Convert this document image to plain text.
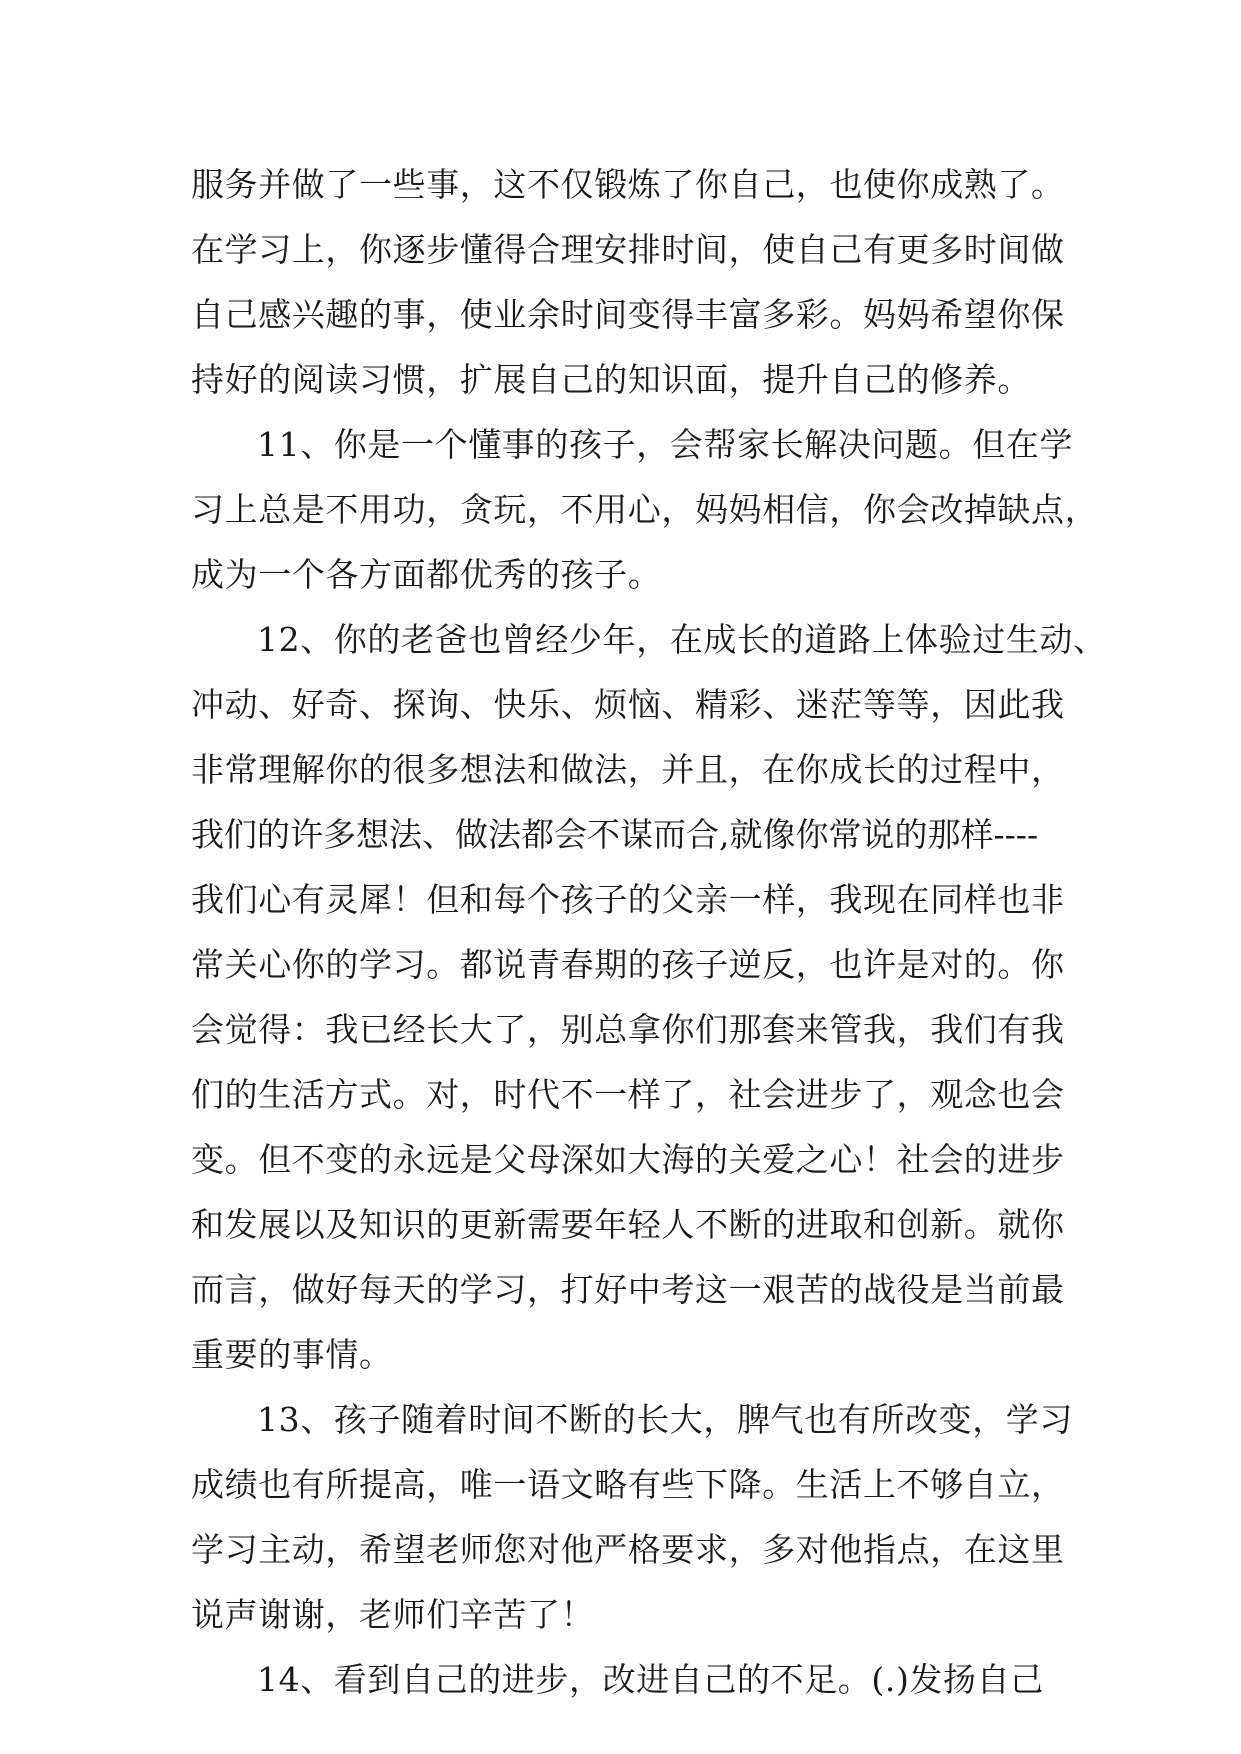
服务并做了一些事，这不仅锻炼了你自己，也使你成熟了。
在学习上，你逐步懂得合理安排时间，使自己有更多时间做
自己感兴趣的事，使业余时间变得丰富多彩。妈妈希望你保
持好的阅读习惯，扩展自己的知识面，提升自己的修养。
11、你是一个懂事的孩子，会帮家长解决问题。但在学
习上总是不用功，贪玩，不用心，妈妈相信，你会改掉缺点，
成为一个各方面都优秀的孩子。
12、你的老爸也曾经少年，在成长的道路上体验过生动、
冲动、好奇、探询、快乐、烦恼、精彩、迷茫等等，因此我
非常理解你的很多想法和做法，并且，在你成长的过程中，
我们的许多想法、做法都会不谋而合,就像你常说的那样----
我们心有灵犀！但和每个孩子的父亲一样，我现在同样也非
常关心你的学习。都说青春期的孩子逆反，也许是对的。你
会觉得：我已经长大了，别总拿你们那套来管我，我们有我
们的生活方式。对，时代不一样了，社会进步了，观念也会
变。但不变的永远是父母深如大海的关爱之心！社会的进步
和发展以及知识的更新需要年轻人不断的进取和创新。就你
而言，做好每天的学习，打好中考这一艰苦的战役是当前最
重要的事情。
13、孩子随着时间不断的长大，脾气也有所改变，学习
成绩也有所提高，唯一语文略有些下降。生活上不够自立，
学习主动，希望老师您对他严格要求，多对他指点，在这里
说声谢谢，老师们辛苦了！
14、看到自己的进步，改进自己的不足。(.)发扬自己
